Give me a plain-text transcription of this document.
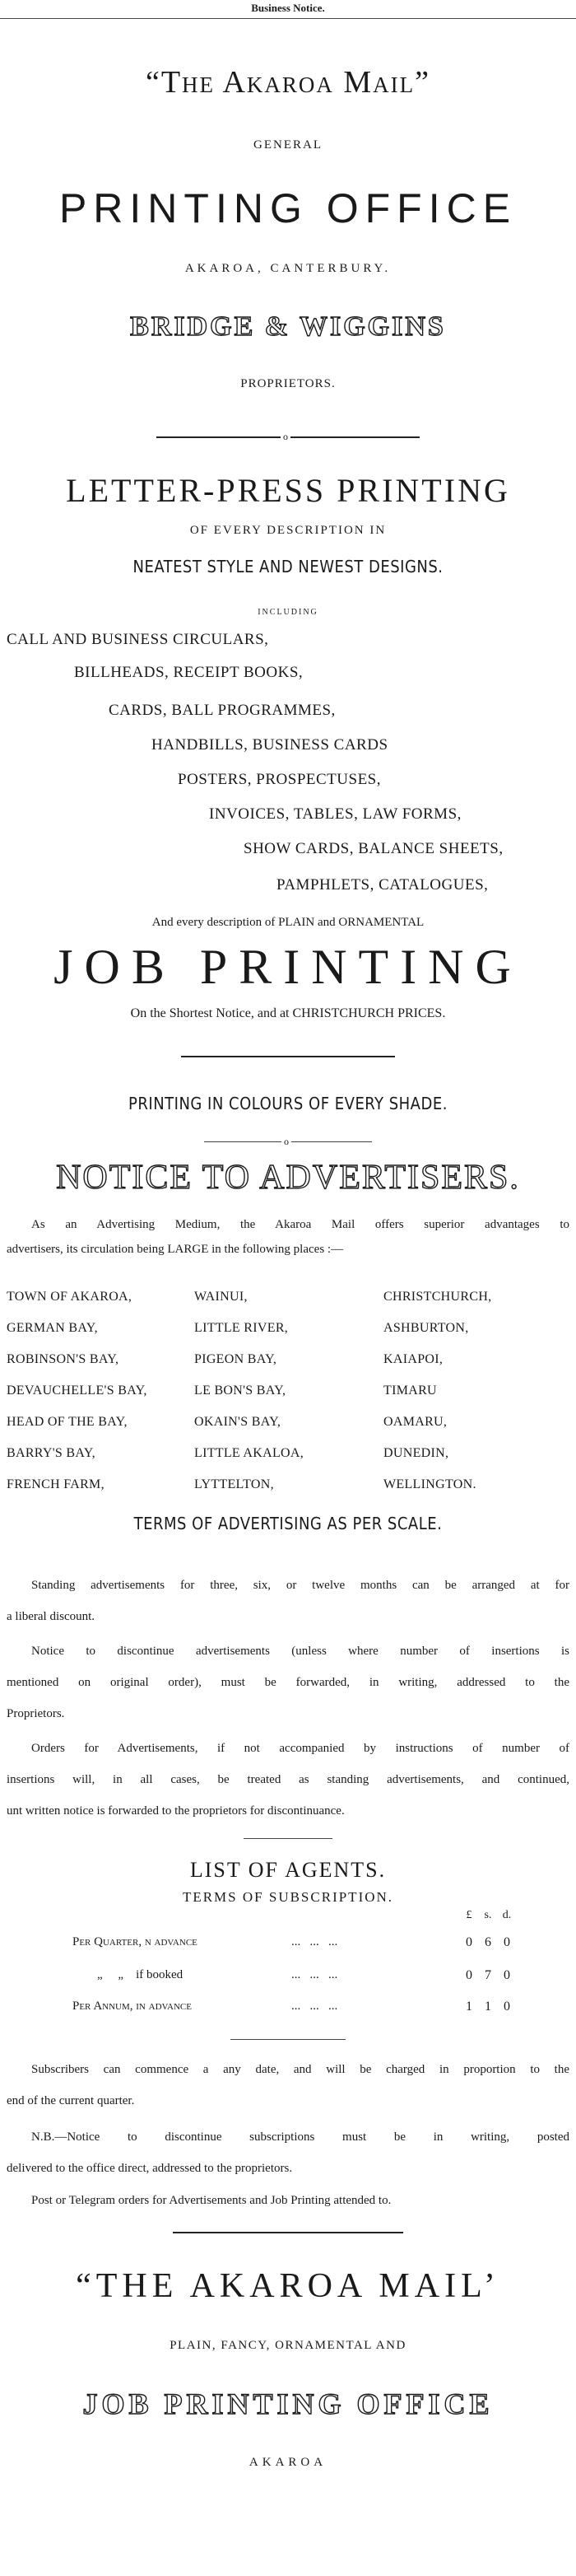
Business Notice.
“The Akaroa Mail”
GENERAL
PRINTING OFFICE
AKAROA, CANTERBURY.
BRIDGE & WIGGINS
PROPRIETORS.
o
LETTER-PRESS PRINTING
OF EVERY DESCRIPTION IN
NEATEST STYLE AND NEWEST DESIGNS.
INCLUDING
CALL AND BUSINESS CIRCULARS,
BILLHEADS, RECEIPT BOOKS,
CARDS, BALL PROGRAMMES,
HANDBILLS, BUSINESS CARDS
POSTERS, PROSPECTUSES,
INVOICES, TABLES, LAW FORMS,
SHOW CARDS, BALANCE SHEETS,
PAMPHLETS, CATALOGUES,
And every description of PLAIN and ORNAMENTAL
JOB PRINTING
On the Shortest Notice, and at CHRISTCHURCH PRICES.
PRINTING IN COLOURS OF EVERY SHADE.
o
NOTICE TO ADVERTISERS.
As an Advertising Medium, the Akaroa Mail offers superior advantages to
advertisers, its circulation being LARGE in the following places :—
TOWN OF AKAROA,	WAINUI,	CHRISTCHURCH,
GERMAN BAY,	LITTLE RIVER,	ASHBURTON,
ROBINSON'S BAY,	PIGEON BAY,	KAIAPOI,
DEVAUCHELLE'S BAY,	LE BON'S BAY,	TIMARU
HEAD OF THE BAY,	OKAIN'S BAY,	OAMARU,
BARRY'S BAY,	LITTLE AKALOA,	DUNEDIN,
FRENCH FARM,	LYTTELTON,	WELLINGTON.
TERMS OF ADVERTISING AS PER SCALE.
Standing advertisements for three, six, or twelve months can be arranged at for
a liberal discount.
Notice to discontinue advertisements (unless where number of insertions is
mentioned on original order), must be forwarded, in writing, addressed to the
Proprietors.
Orders for Advertisements, if not accompanied by instructions of number of
insertions will, in all cases, be treated as standing advertisements, and continued,
unt written notice is forwarded to the proprietors for discontinuance.
LIST OF AGENTS.
TERMS OF SUBSCRIPTION.
£	s. d.
Per Quarter, n advance	...   ...   ...	0 6 0
„     „    if booked	...   ...   ...	0 7 0
Per Annum, in advance	...   ...   ...	1 1 0
Subscribers can commence a any date, and will be charged in proportion to the
end of the current quarter.
N.B.—Notice to discontinue subscriptions must be in writing, posted
delivered to the office direct, addressed to the proprietors.
Post or Telegram orders for Advertisements and Job Printing attended to.
“THE AKAROA MAIL’
PLAIN, FANCY, ORNAMENTAL AND
JOB PRINTING OFFICE
AKAROA
